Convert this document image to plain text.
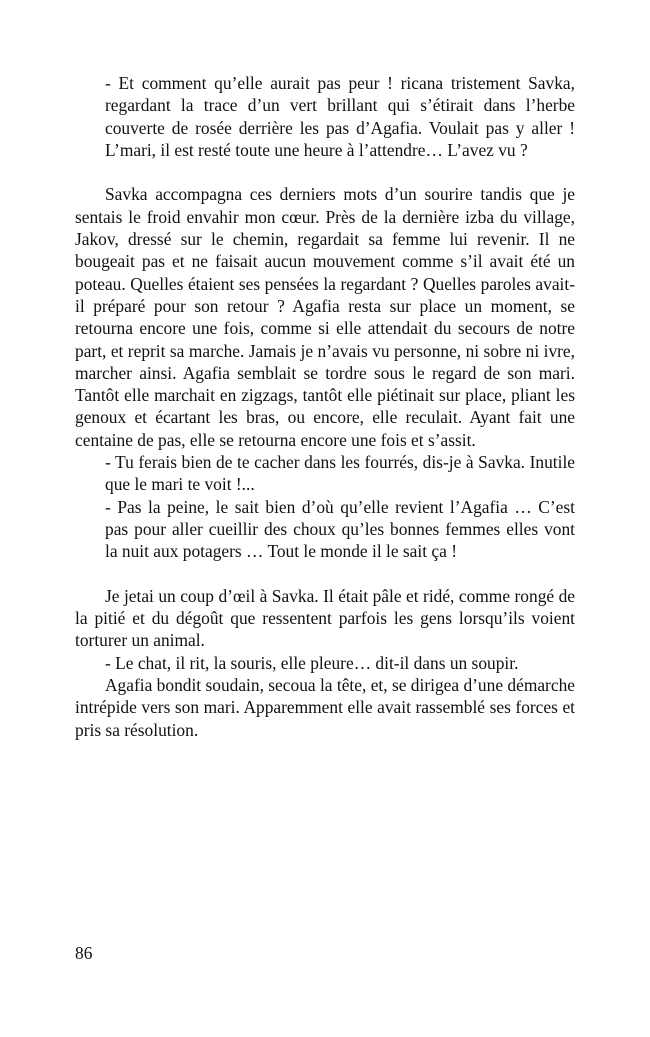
- Et comment qu’elle aurait pas peur ! ricana tristement Savka, regardant la trace d’un vert brillant qui s’étirait dans l’herbe couverte de rosée derrière les pas d’Agafia. Voulait pas y aller ! L’mari, il est resté toute une heure à l’attendre… L’avez vu ?

Savka accompagna ces derniers mots d’un sourire tandis que je sentais le froid envahir mon cœur. Près de la dernière izba du village, Jakov, dressé sur le chemin, regardait sa femme lui revenir. Il ne bougeait pas et ne faisait aucun mouvement comme s’il avait été un poteau. Quelles étaient ses pensées la regardant ? Quelles paroles avait-il préparé pour son retour ? Agafia resta sur place un moment, se retourna encore une fois, comme si elle attendait du secours de notre part, et reprit sa marche. Jamais je n’avais vu personne, ni sobre ni ivre, marcher ainsi. Agafia semblait se tordre sous le regard de son mari. Tantôt elle marchait en zigzags, tantôt elle piétinait sur place, pliant les genoux et écartant les bras, ou encore, elle reculait. Ayant fait une centaine de pas, elle se retourna encore une fois et s’assit.

- Tu ferais bien de te cacher dans les fourrés, dis-je à Savka. Inutile que le mari te voit !...

- Pas la peine, le sait bien d’où qu’elle revient l’Agafia … C’est pas pour aller cueillir des choux qu’les bonnes femmes elles vont la nuit aux potagers … Tout le monde il le sait ça !

Je jetai un coup d’œil à Savka. Il était pâle et ridé, comme rongé de la pitié et du dégoût que ressentent parfois les gens lorsqu’ils voient torturer un animal.

- Le chat, il rit, la souris, elle pleure… dit-il dans un soupir.

Agafia bondit soudain, secoua la tête, et, se dirigea d’une démarche intrépide vers son mari. Apparemment elle avait rassemblé ses forces et pris sa résolution.

86
